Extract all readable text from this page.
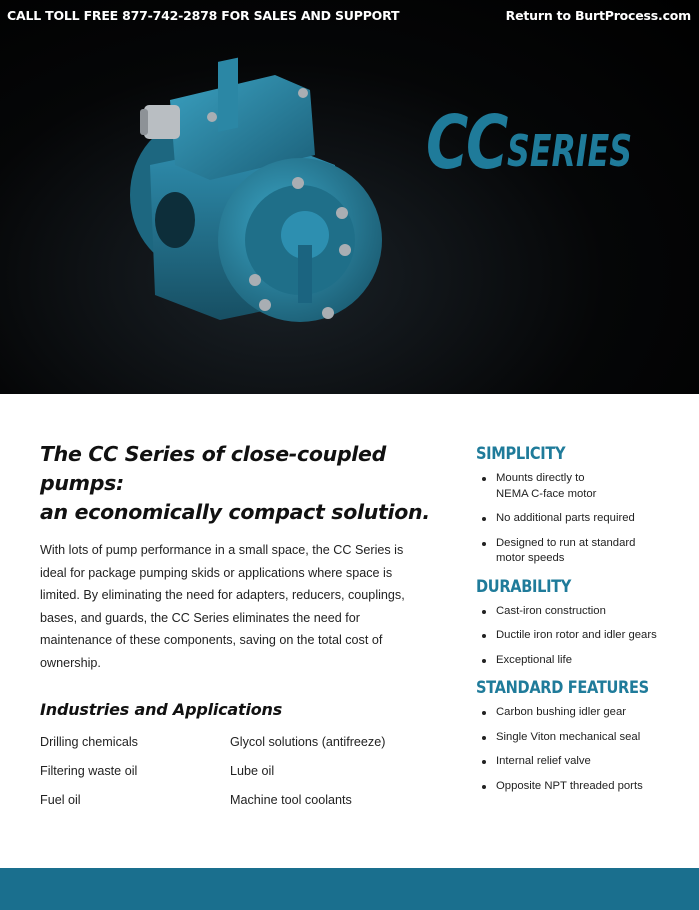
CALL TOLL FREE 877-742-2878 FOR SALES AND SUPPORT	Return to BurtProcess.com
CC SERIES
The CC Series of close-coupled pumps:
an economically compact solution.

With lots of pump performance in a small space, the CC Series is ideal for package pumping skids or applications where space is limited. By eliminating the need for adapters, reducers, couplings, bases, and guards, the CC Series eliminates the need for maintenance of these components, saving on the total cost of ownership.

Industries and Applications
Drilling chemicals	Glycol solutions (antifreeze)
Filtering waste oil	Lube oil
Fuel oil	Machine tool coolants
SIMPLICITY
Mounts directly to
NEMA C-face motor
No additional parts required
Designed to run at standard
motor speeds
DURABILITY
Cast-iron construction
Ductile iron rotor and idler gears
Exceptional life
STANDARD FEATURES
Carbon bushing idler gear
Single Viton mechanical seal
Internal relief valve
Opposite NPT threaded ports
